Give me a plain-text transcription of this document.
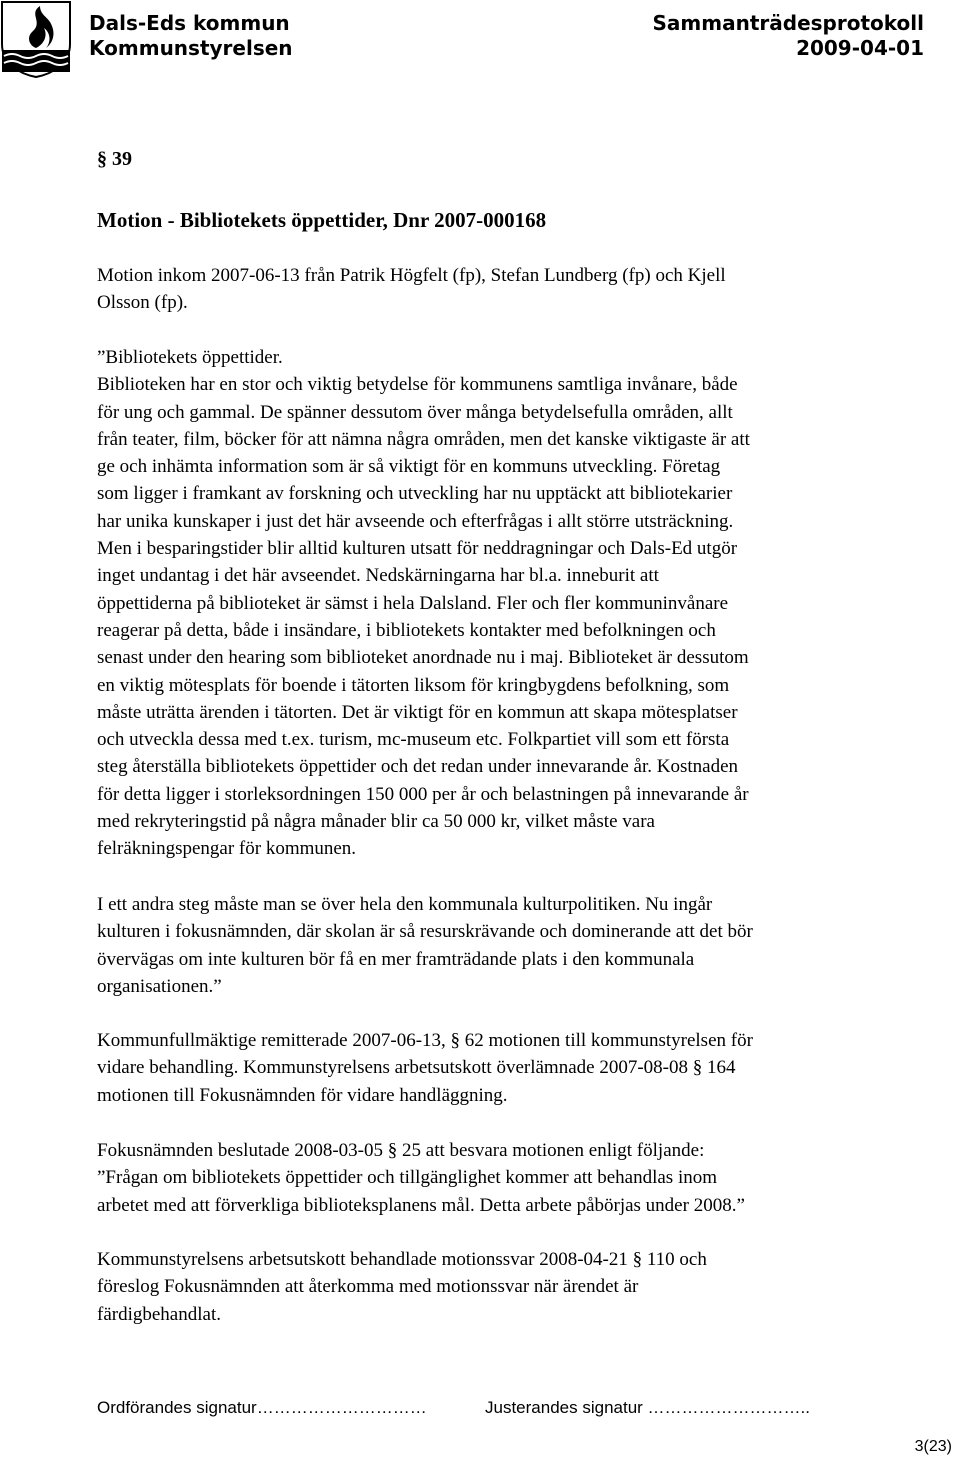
Dals-Eds kommun
Kommunstyrelsen
Sammanträdesprotokoll
2009-04-01
§ 39
Motion - Bibliotekets öppettider, Dnr 2007-000168
Motion inkom 2007-06-13 från Patrik Högfelt (fp), Stefan Lundberg (fp) och Kjell
Olsson (fp).
”Bibliotekets öppettider.
Biblioteken har en stor och viktig betydelse för kommunens samtliga invånare, både
för ung och gammal. De spänner dessutom över många betydelsefulla områden, allt
från teater, film, böcker för att nämna några områden, men det kanske viktigaste är att
ge och inhämta information som är så viktigt för en kommuns utveckling. Företag
som ligger i framkant av forskning och utveckling har nu upptäckt att bibliotekarier
har unika kunskaper i just det här avseende och efterfrågas i allt större utsträckning.
Men i besparingstider blir alltid kulturen utsatt för neddragningar och Dals-Ed utgör
inget undantag i det här avseendet. Nedskärningarna har bl.a. inneburit att
öppettiderna på biblioteket är sämst i hela Dalsland. Fler och fler kommuninvånare
reagerar på detta, både i insändare, i bibliotekets kontakter med befolkningen och
senast under den hearing som biblioteket anordnade nu i maj. Biblioteket är dessutom
en viktig mötesplats för boende i tätorten liksom för kringbygdens befolkning, som
måste uträtta ärenden i tätorten. Det är viktigt för en kommun att skapa mötesplatser
och utveckla dessa med t.ex. turism, mc-museum etc. Folkpartiet vill som ett första
steg återställa bibliotekets öppettider och det redan under innevarande år. Kostnaden
för detta ligger i storleksordningen 150 000 per år och belastningen på innevarande år
med rekryteringstid på några månader blir ca 50 000 kr, vilket måste vara
felräkningspengar för kommunen.
I ett andra steg måste man se över hela den kommunala kulturpolitiken. Nu ingår
kulturen i fokusnämnden, där skolan är så resurskrävande och dominerande att det bör
övervägas om inte kulturen bör få en mer framträdande plats i den kommunala
organisationen.”
Kommunfullmäktige remitterade 2007-06-13, § 62 motionen till kommunstyrelsen för
vidare behandling. Kommunstyrelsens arbetsutskott överlämnade 2007-08-08 § 164
motionen till Fokusnämnden för vidare handläggning.
Fokusnämnden beslutade 2008-03-05 § 25 att besvara motionen enligt följande:
”Frågan om bibliotekets öppettider och tillgänglighet kommer att behandlas inom
arbetet med att förverkliga biblioteksplanens mål. Detta arbete påbörjas under 2008.”
Kommunstyrelsens arbetsutskott behandlade motionssvar 2008-04-21 § 110 och
föreslog Fokusnämnden att återkomma med motionssvar när ärendet är
färdigbehandlat.
Ordförandes signatur…………………………	Justerandes signatur ………………………..
3(23)
